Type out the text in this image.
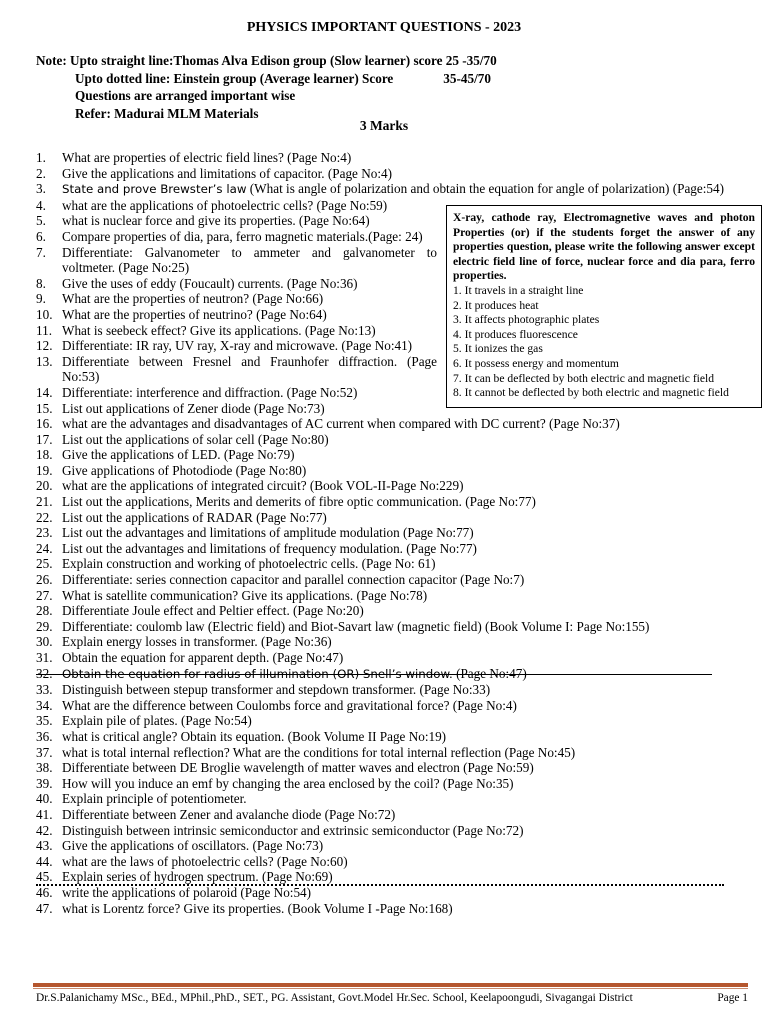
PHYSICS IMPORTANT QUESTIONS - 2023
Note: Upto straight line:Thomas Alva Edison group (Slow learner) score 25 -35/70
Upto dotted line: Einstein group (Average learner) Score	35-45/70
Questions are arranged important wise
Refer: Madurai MLM Materials
3 Marks
1.	What are properties of electric field lines? (Page No:4)
2.	Give the applications and limitations of capacitor. (Page No:4)
3.	State and prove Brewster’s law (What is angle of polarization and obtain the equation for angle of polarization) (Page:54)
4.	what are the applications of photoelectric cells? (Page No:59)
5.	what is nuclear force and give its properties. (Page No:64)
6.	Compare properties of dia, para, ferro magnetic materials.(Page: 24)
7.	Differentiate: Galvanometer to ammeter and galvanometer to voltmeter. (Page No:25)
8.	Give the uses of eddy (Foucault) currents. (Page No:36)
9.	What are the properties of neutron? (Page No:66)
10. What are the properties of neutrino? (Page No:64)
11. What is seebeck effect? Give its applications. (Page No:13)
12. Differentiate: IR ray, UV ray, X-ray and microwave. (Page No:41)
13. Differentiate between Fresnel and Fraunhofer diffraction. (Page No:53)
14. Differentiate: interference and diffraction. (Page No:52)
15. List out applications of Zener diode (Page No:73)
16. what are the advantages and disadvantages of AC current when compared with DC current? (Page No:37)
17. List out the applications of solar cell (Page No:80)
18. Give the applications of LED. (Page No:79)
19. Give applications of Photodiode (Page No:80)
20. what are the applications of integrated circuit? (Book VOL-II-Page No:229)
21. List out the applications, Merits and demerits of fibre optic communication. (Page No:77)
22. List out the applications of RADAR (Page No:77)
23. List out the advantages and limitations of amplitude modulation (Page No:77)
24. List out the advantages and limitations of frequency modulation. (Page No:77)
25. Explain construction and working of photoelectric cells. (Page No: 61)
26. Differentiate: series connection capacitor and parallel connection capacitor (Page No:7)
27. What is satellite communication? Give its applications. (Page No:78)
28. Differentiate Joule effect and Peltier effect. (Page No:20)
29. Differentiate: coulomb law (Electric field) and Biot-Savart law (magnetic field) (Book Volume I: Page No:155)
30. Explain energy losses in transformer. (Page No:36)
31. Obtain the equation for apparent depth. (Page No:47)
32. Obtain the equation for radius of illumination (OR) Snell’s window. (Page No:47)
33. Distinguish between stepup transformer and stepdown transformer. (Page No:33)
34. What are the difference between Coulombs force and gravitational force? (Page No:4)
35. Explain pile of plates. (Page No:54)
36. what is critical angle? Obtain its equation. (Book Volume II Page No:19)
37. what is total internal reflection? What are the conditions for total internal reflection (Page No:45)
38. Differentiate between DE Broglie wavelength of matter waves and electron (Page No:59)
39. How will you induce an emf by changing the area enclosed by the coil? (Page No:35)
40. Explain principle of potentiometer.
41. Differentiate between Zener and avalanche diode (Page No:72)
42. Distinguish between intrinsic semiconductor and extrinsic semiconductor (Page No:72)
43. Give the applications of oscillators. (Page No:73)
44. what are the laws of photoelectric cells? (Page No:60)
45. Explain series of hydrogen spectrum. (Page No:69)
46. write the applications of polaroid (Page No:54)
47. what is Lorentz force? Give its properties. (Book Volume I -Page No:168)
X-ray, cathode ray, Electromagnetive waves and photon Properties (or) if the students forget the answer of any properties question, please write the following answer except electric field line of force, nuclear force and dia para, ferro properties.
1. It travels in a straight line
2. It produces heat
3. It affects photographic plates
4. It produces fluorescence
5. It ionizes the gas
6. It possess energy and momentum
7. It can be deflected by both electric and magnetic field
8. It cannot be deflected by both electric and magnetic field
Dr.S.Palanichamy MSc., BEd., MPhil.,PhD., SET., PG. Assistant, Govt.Model Hr.Sec. School, Keelapoongudi, Sivagangai District	Page 1
